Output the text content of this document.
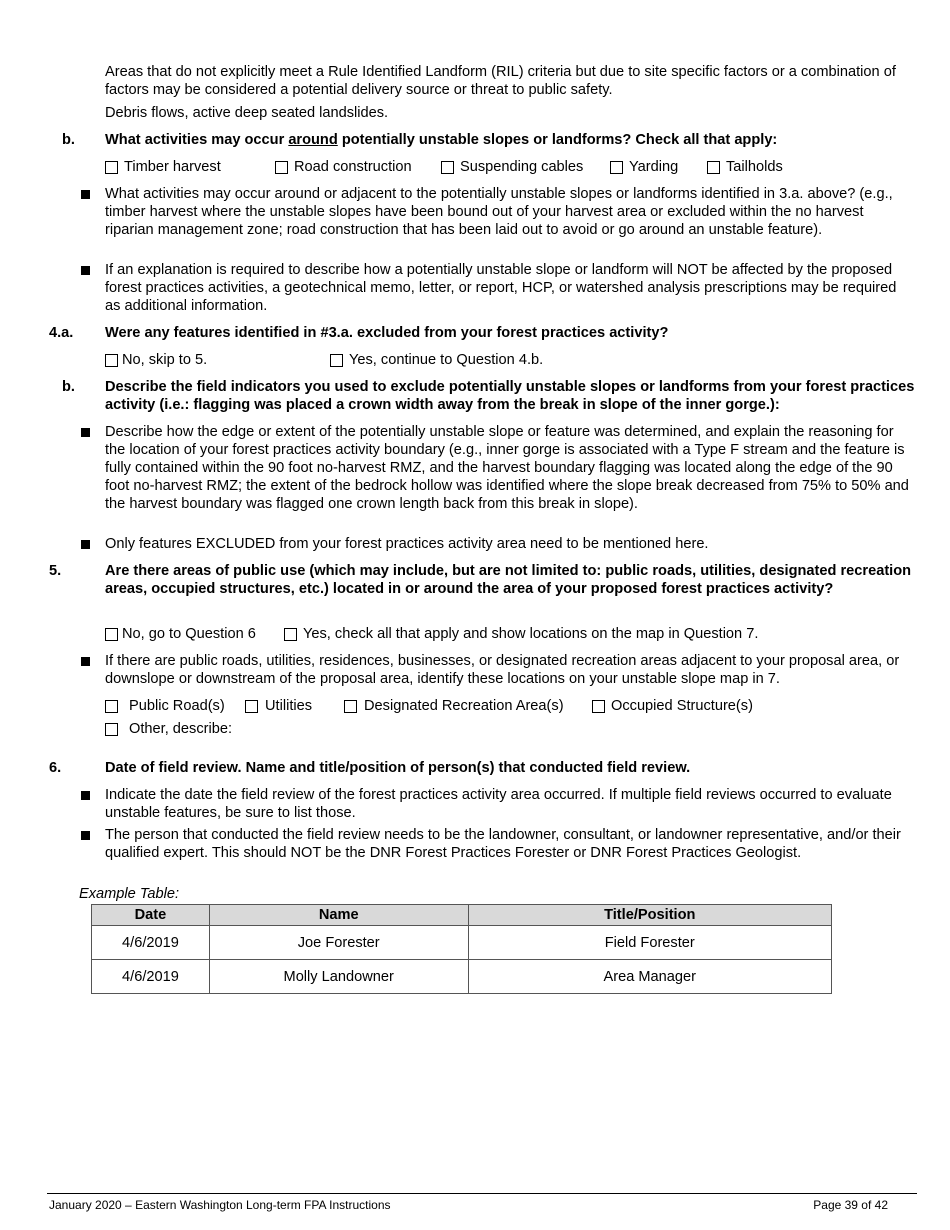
Areas that do not explicitly meet a Rule Identified Landform (RIL) criteria but due to site specific factors or a combination of factors may be considered a potential delivery source or threat to public safety.
Debris flows, active deep seated landslides.
b. What activities may occur around potentially unstable slopes or landforms? Check all that apply:
Timber harvest	Road construction	Suspending cables	Yarding	Tailholds
What activities may occur around or adjacent to the potentially unstable slopes or landforms identified in 3.a. above? (e.g., timber harvest where the unstable slopes have been bound out of your harvest area or excluded within the no harvest riparian management zone; road construction that has been laid out to avoid or go around an unstable feature).
If an explanation is required to describe how a potentially unstable slope or landform will NOT be affected by the proposed forest practices activities, a geotechnical memo, letter, or report, HCP, or watershed analysis prescriptions may be required as additional information.
4.a. Were any features identified in #3.a. excluded from your forest practices activity?
No, skip to 5.	Yes, continue to Question 4.b.
b. Describe the field indicators you used to exclude potentially unstable slopes or landforms from your forest practices activity (i.e.: flagging was placed a crown width away from the break in slope of the inner gorge.):
Describe how the edge or extent of the potentially unstable slope or feature was determined, and explain the reasoning for the location of your forest practices activity boundary (e.g., inner gorge is associated with a Type F stream and the feature is fully contained within the 90 foot no-harvest RMZ, and the harvest boundary flagging was located along the edge of the 90 foot no-harvest RMZ; the extent of the bedrock hollow was identified where the slope break decreased from 75% to 50% and the harvest boundary was flagged one crown length back from this break in slope).
Only features EXCLUDED from your forest practices activity area need to be mentioned here.
5.	Are there areas of public use (which may include, but are not limited to: public roads, utilities, designated recreation areas, occupied structures, etc.) located in or around the area of your proposed forest practices activity?
No, go to Question 6	Yes, check all that apply and show locations on the map in Question 7.
If there are public roads, utilities, residences, businesses, or designated recreation areas adjacent to your proposal area, or downslope or downstream of the proposal area, identify these locations on your unstable slope map in 7.
Public Road(s)	Utilities	Designated Recreation Area(s)	Occupied Structure(s)
Other, describe:
6.	Date of field review. Name and title/position of person(s) that conducted field review.
Indicate the date the field review of the forest practices activity area occurred. If multiple field reviews occurred to evaluate unstable features, be sure to list those.
The person that conducted the field review needs to be the landowner, consultant, or landowner representative, and/or their qualified expert. This should NOT be the DNR Forest Practices Forester or DNR Forest Practices Geologist.
Example Table:
Date	Name	Title/Position
4/6/2019	Joe Forester	Field Forester
4/6/2019	Molly Landowner	Area Manager
January 2020 – Eastern Washington Long-term FPA Instructions	Page 39 of 42
